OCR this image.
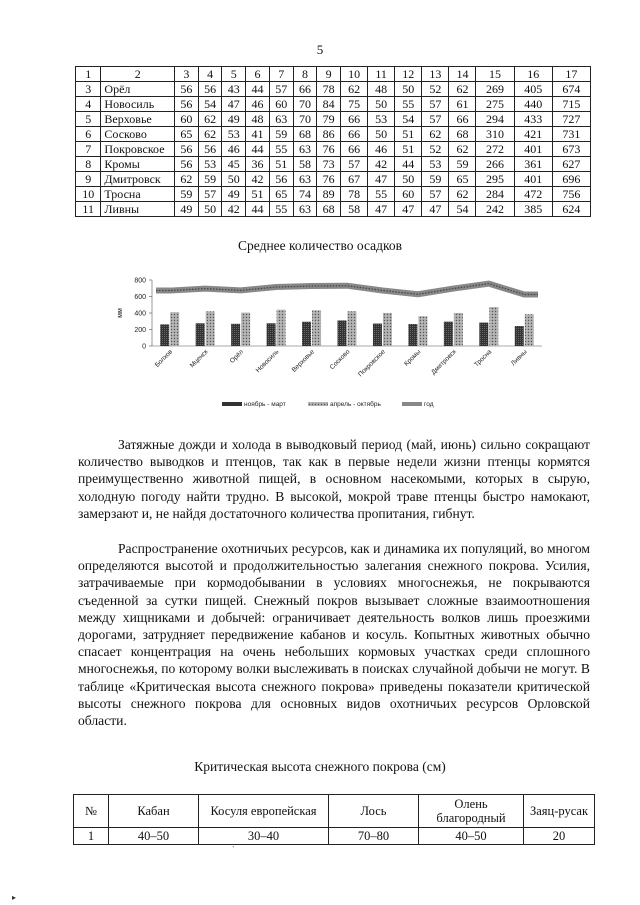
5
1	2	3	4	5	6	7	8	9	10	11	12	13	14	15	16	17
3	Орёл	56	56	43	44	57	66	78	62	48	50	52	62	269	405	674
4	Новосиль	56	54	47	46	60	70	84	75	50	55	57	61	275	440	715
5	Верховье	60	62	49	48	63	70	79	66	53	54	57	66	294	433	727
6	Сосково	65	62	53	41	59	68	86	66	50	51	62	68	310	421	731
7	Покровское	56	56	46	44	55	63	76	66	46	51	52	62	272	401	673
8	Кромы	56	53	45	36	51	58	73	57	42	44	53	59	266	361	627
9	Дмитровск	62	59	50	42	56	63	76	67	47	50	59	65	295	401	696
10	Тросна	59	57	49	51	65	74	89	78	55	60	57	62	284	472	756
11	Ливны	49	50	42	44	55	63	68	58	47	47	47	54	242	385	624
Среднее количество осадков
0
200
400
600
800
мм
Болхов Мценск	Орёл Новосиль Верховье Сосково Покровское Кромы Дмитровск Тросна	Ливны
ноябрь - март	апрель - октябрь	год

Затяжные дожди и холода в выводковый период (май, июнь) сильно сокращают количество выводков и птенцов, так как в первые недели жизни птенцы кормятся преимущественно животной пищей, в основном насекомыми, которых в сырую, холодную погоду найти трудно. В высокой, мокрой траве птенцы быстро намокают, замерзают и, не найдя достаточного количества пропитания, гибнут.

Распространение охотничьих ресурсов, как и динамика их популяций, во многом определяются высотой и продолжительностью залегания снежного покрова. Усилия, затрачиваемые при кормодобывании в условиях многоснежья, не покрываются съеденной за сутки пищей. Снежный покров вызывает сложные взаимоотношения между хищниками и добычей: ограничивает деятельность волков лишь проезжими дорогами, затрудняет передвижение кабанов и косуль. Копытных животных обычно спасает концентрация на очень небольших кормовых участках среди сплошного многоснежья, по которому волки выслеживать в поисках случайной добычи не могут. В таблице «Критическая высота снежного покрова» приведены показатели критической высоты снежного покрова для основных видов охотничьих ресурсов Орловской области.

Критическая высота снежного покрова (см)
№	Кабан	Косуля европейская	Лось	Олень благородный	Заяц-русак
1	40–50	30–40	70–80	40–50	20
`
▸
